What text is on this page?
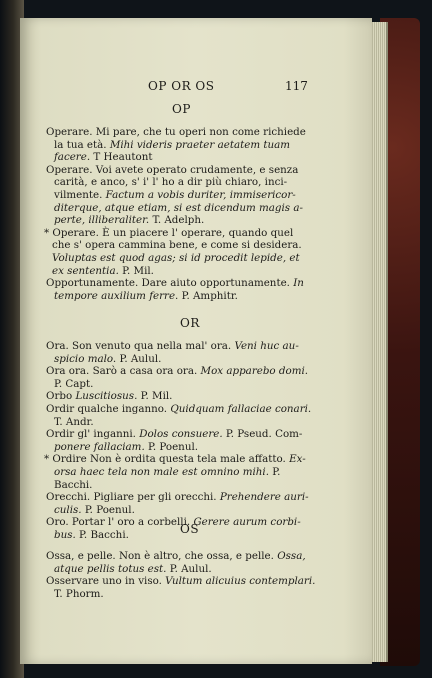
OP OR OS	117
OP
Operare. Mi pare, che tu operi non come richiede
la tua età. Mihi videris praeter aetatem tuam
facere. T Heautont
Operare. Voi avete operato crudamente, e senza
carità, e anco, s' i' l' ho a dir più chiaro, inci-
vilmente. Factum a vobis duriter, immisericor-
diterque, atque etiam, si est dicendum magis a-
perte, illiberaliter. T. Adelph.
* Operare. È un piacere l' operare, quando quel
che s' opera cammina bene, e come si desidera.
Voluptas est quod agas; si id procedit lepide, et
ex sententia. P. Mil.
Opportunamente. Dare aiuto opportunamente. In
tempore auxilium ferre. P. Amphitr.
OR
Ora. Son venuto qua nella mal' ora. Veni huc au-
spicio malo. P. Aulul.
Ora ora. Sarò a casa ora ora. Mox apparebo domi.
P. Capt.
Orbo Luscitiosus. P. Mil.
Ordir qualche inganno. Quidquam fallaciae conari.
T. Andr.
Ordir gl' inganni. Dolos consuere. P. Pseud. Com-
ponere fallaciam. P. Poenul.
* Ordire Non è ordita questa tela male affatto. Ex-
orsa haec tela non male est omnino mihi. P.
Bacchi.
Orecchi. Pigliare per gli orecchi. Prehendere auri-
culis. P. Poenul.
Oro. Portar l' oro a corbelli. Gerere aurum corbi-
bus. P. Bacchi.	OS
Ossa, e pelle. Non è altro, che ossa, e pelle. Ossa,
atque pellis totus est. P. Aulul.
Osservare uno in viso. Vultum alicuius contemplari.
T. Phorm.
